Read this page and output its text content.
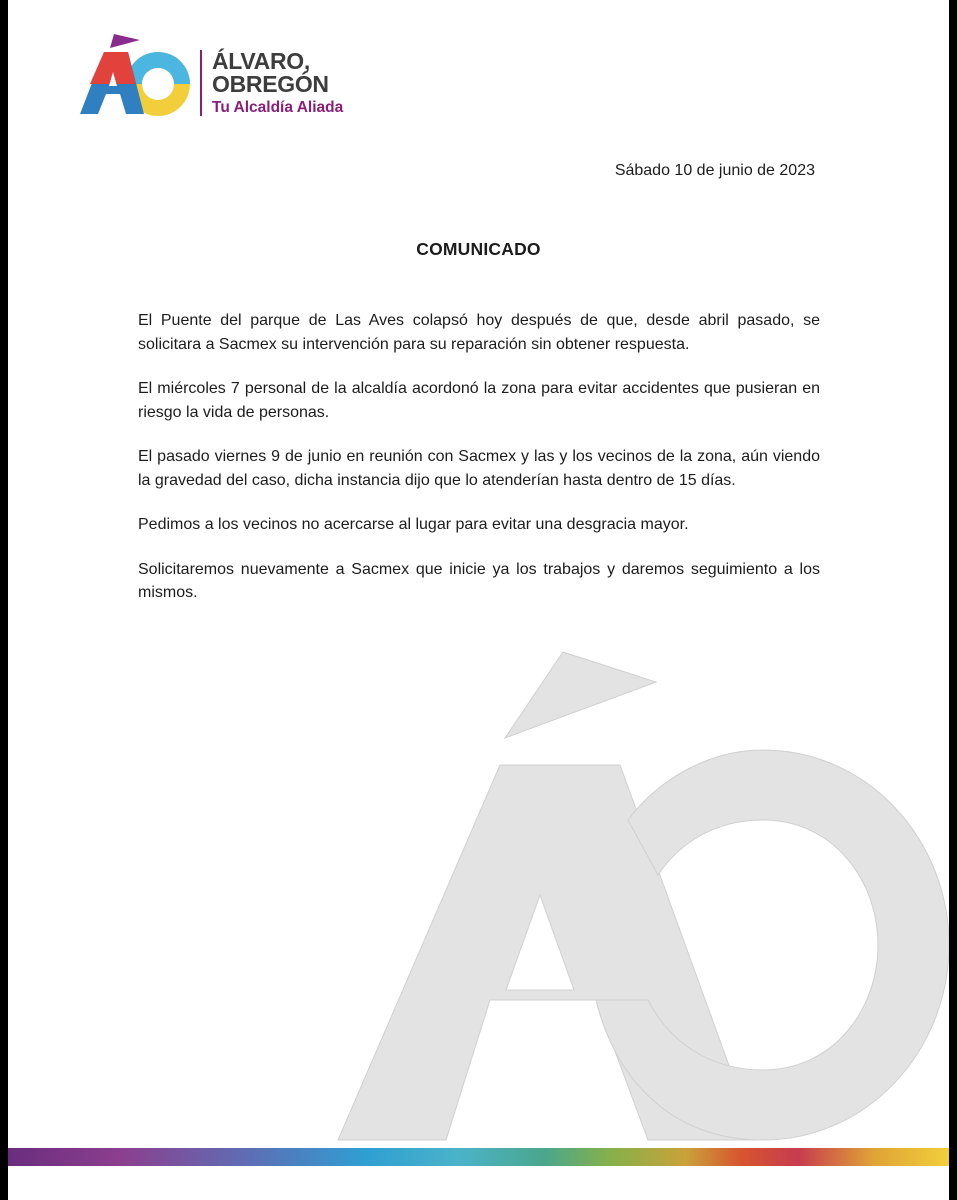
ÁLVARO,
OBREGÓN
Tu Alcaldía Aliada
Sábado 10 de junio de 2023
COMUNICADO

El Puente del parque de Las Aves colapsó hoy después de que, desde abril pasado, se solicitara a Sacmex su intervención para su reparación sin obtener respuesta.

El miércoles 7 personal de la alcaldía acordonó la zona para evitar accidentes que pusieran en riesgo la vida de personas.

El pasado viernes 9 de junio en reunión con Sacmex y las y los vecinos de la zona, aún viendo la gravedad del caso, dicha instancia dijo que lo atenderían hasta dentro de 15 días.

Pedimos a los vecinos no acercarse al lugar para evitar una desgracia mayor.

Solicitaremos nuevamente a Sacmex que inicie ya los trabajos y daremos seguimiento a los mismos.
